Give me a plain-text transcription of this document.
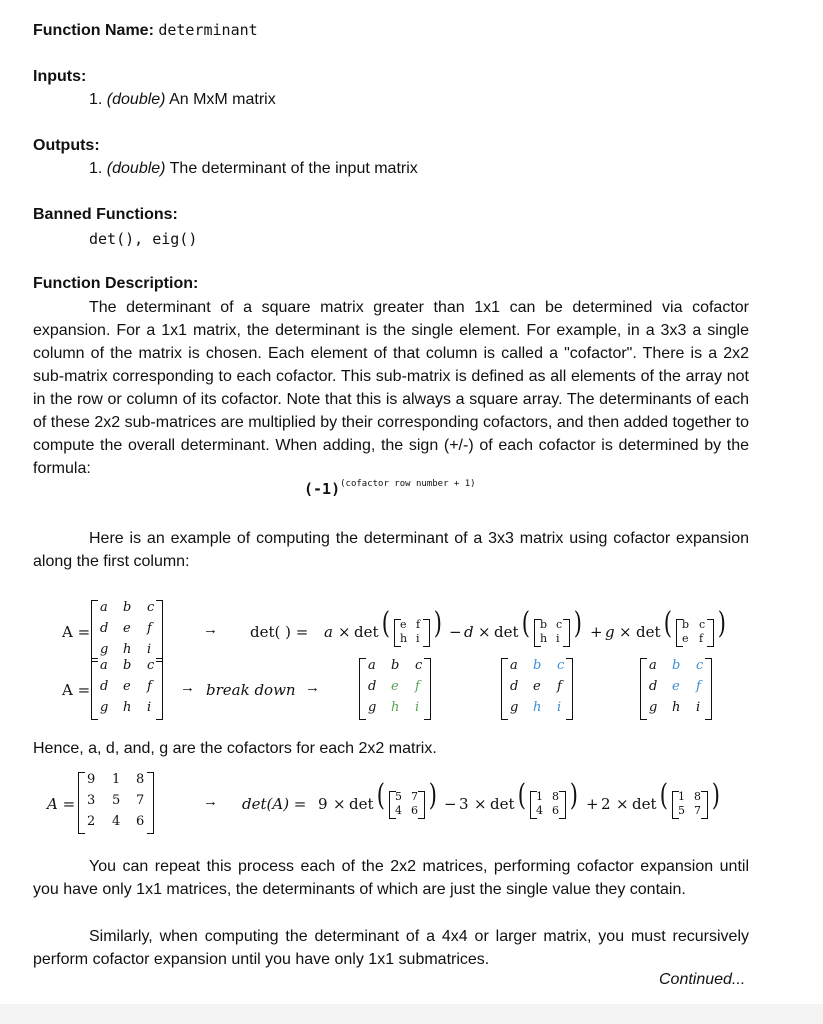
Function Name: determinant
Inputs:
1. (double) An MxM matrix
Outputs:
1. (double) The determinant of the input matrix
Banned Functions:
det(), eig()
Function Description:
The determinant of a square matrix greater than 1x1 can be determined via cofactor expansion. For a 1x1 matrix, the determinant is the single element. For example, in a 3x3 a single column of the matrix is chosen. Each element of that column is called a "cofactor". There is a 2x2 sub-matrix corresponding to each cofactor. This sub-matrix is defined as all elements of the array not in the row or column of its cofactor. Note that this is always a square array. The determinants of each of these 2x2 sub-matrices are multiplied by their corresponding cofactors, and then added together to compute the overall determinant. When adding, the sign (+/-) of each cofactor is determined by the formula:
$(-1)^{(cofactor row number + 1)}$
Here is an example of computing the determinant of a 3x3 matrix using cofactor expansion along the first column:
A =
a b c
d e f
g h i
→ det( ) = a × det ( )
e f
h i − d × det ( )
b c
h i + g × det ( )
b c
e f
A =
a b c
d e f
g h i
→ break down →
a b c
d e f
g h i
a b c
d e f
g h i
a b c
d e f
g h i
Hence, a, d, and, g are the cofactors for each 2x2 matrix.
A =
9 1 8
3 5 7
2 4 6
→ det(A) = 9 × det ( )
5 7
4 6 − 3 × det ( )
1 8
4 6 + 2 × det ( )
1 8
5 7
You can repeat this process each of the 2x2 matrices, performing cofactor expansion until you have only 1x1 matrices, the determinants of which are just the single value they contain.
Similarly, when computing the determinant of a 4x4 or larger matrix, you must recursively perform cofactor expansion until you have only 1x1 submatrices.
Continued...
